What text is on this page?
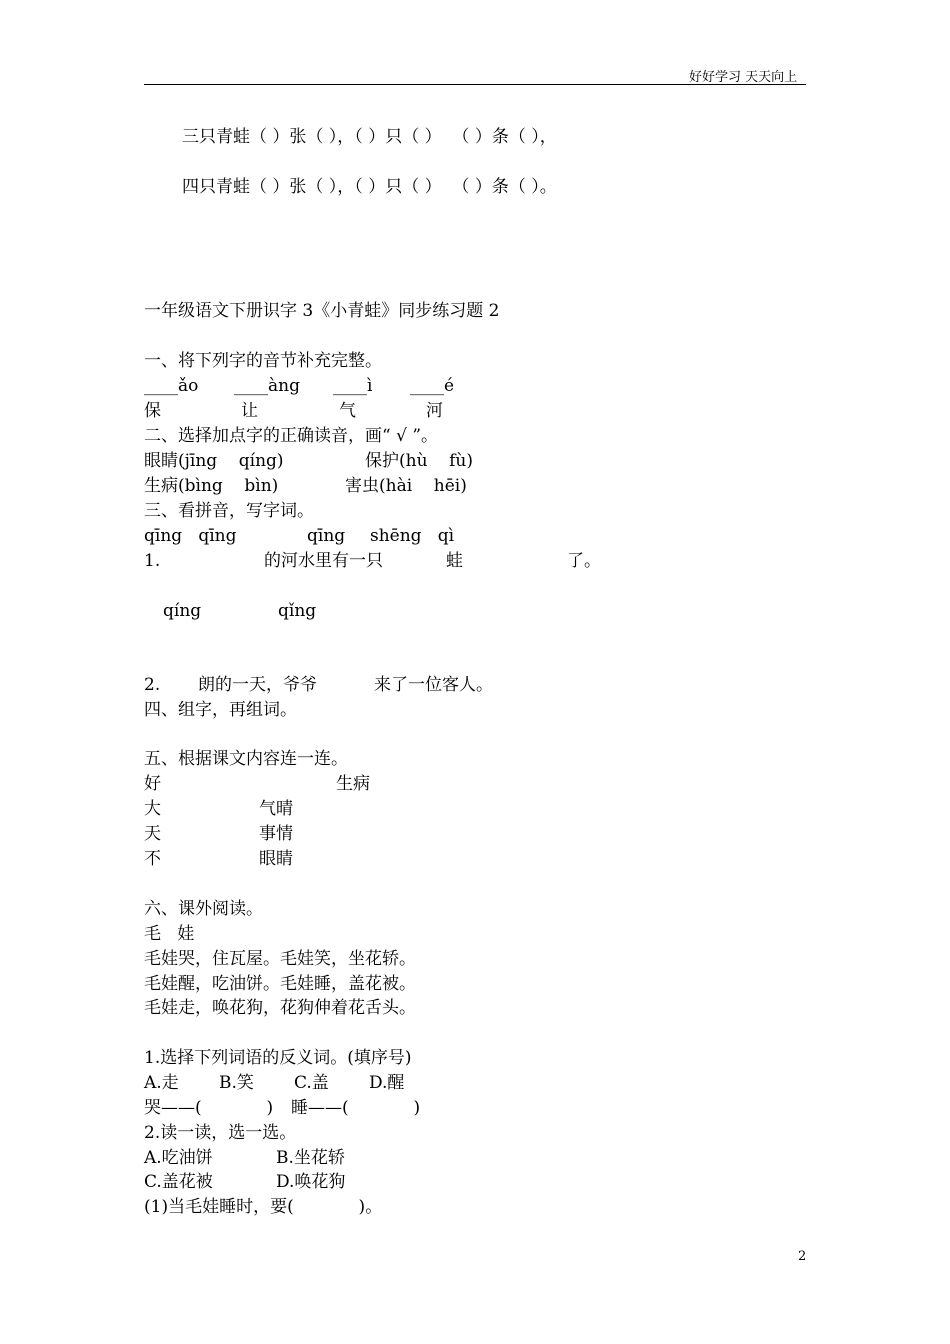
好好学习 天天向上
三只青蛙（ ）张（ ），（ ）只（ ）  （ ）条（ ），
四只青蛙（ ）张（ ），（ ）只（ ）  （ ）条（ ）。
一年级语文下册识字 3《小青蛙》同步练习题 2
一、将下列字的音节补充完整。
____ǎo ____àng ____ì ____é
保	让	气	河
二、选择加点字的正确读音，画“ √ ”。
眼睛(jīng    qíng)	保护(hù    fù)
生病(bìng    bìn)	害虫(hài    hēi)
三、看拼音，写字词。
qīng   qīng	qīng shēng   qì
1.	的河水里有一只	蛙	了。
qíng	qǐng
2. 朗的一天，爷爷	来了一位客人。
四、组字，再组词。
五、根据课文内容连一连。
好	生病
大	气晴
天	事情
不	眼睛
六、课外阅读。
毛   娃
毛娃哭，住瓦屋。毛娃笑，坐花轿。
毛娃醒，吃油饼。毛娃睡，盖花被。
毛娃走，唤花狗，花狗伸着花舌头。
1.选择下列词语的反义词。(填序号)
A.走 B.笑 C.盖 D.醒
哭——(            ) 睡——(            )
2.读一读，选一选。
A.吃油饼	B.坐花轿
C.盖花被	D.唤花狗
(1)当毛娃睡时，要(            )。
2
